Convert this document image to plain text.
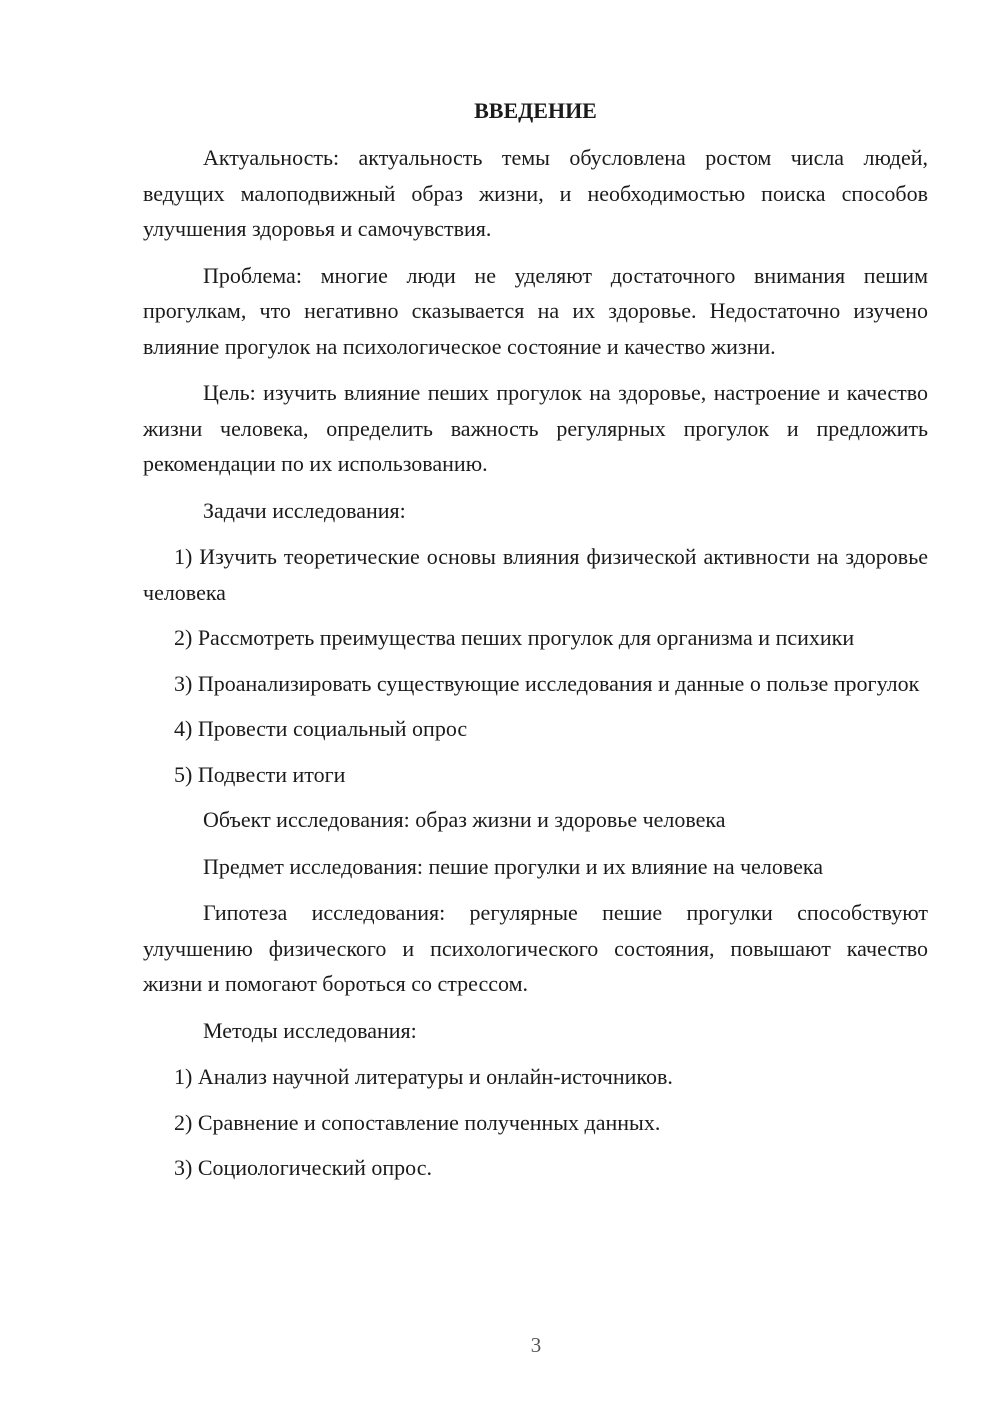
ВВЕДЕНИЕ

Актуальность: актуальность темы обусловлена ростом числа людей, ведущих малоподвижный образ жизни, и необходимостью поиска способов улучшения здоровья и самочувствия.

Проблема: многие люди не уделяют достаточного внимания пешим прогулкам, что негативно сказывается на их здоровье. Недостаточно изучено влияние прогулок на психологическое состояние и качество жизни.

Цель: изучить влияние пеших прогулок на здоровье, настроение и качество жизни человека, определить важность регулярных прогулок и предложить рекомендации по их использованию.

Задачи исследования:

1) Изучить теоретические основы влияния физической активности на здоровье человека

2) Рассмотреть преимущества пеших прогулок для организма и психики

3) Проанализировать существующие исследования и данные о пользе прогулок

4) Провести социальный опрос

5) Подвести итоги

Объект исследования: образ жизни и здоровье человека

Предмет исследования: пешие прогулки и их влияние на человека

Гипотеза исследования: регулярные пешие прогулки способствуют улучшению физического и психологического состояния, повышают качество жизни и помогают бороться со стрессом.

Методы исследования:

1) Анализ научной литературы и онлайн-источников.

2) Сравнение и сопоставление полученных данных.

3) Социологический опрос.

3
